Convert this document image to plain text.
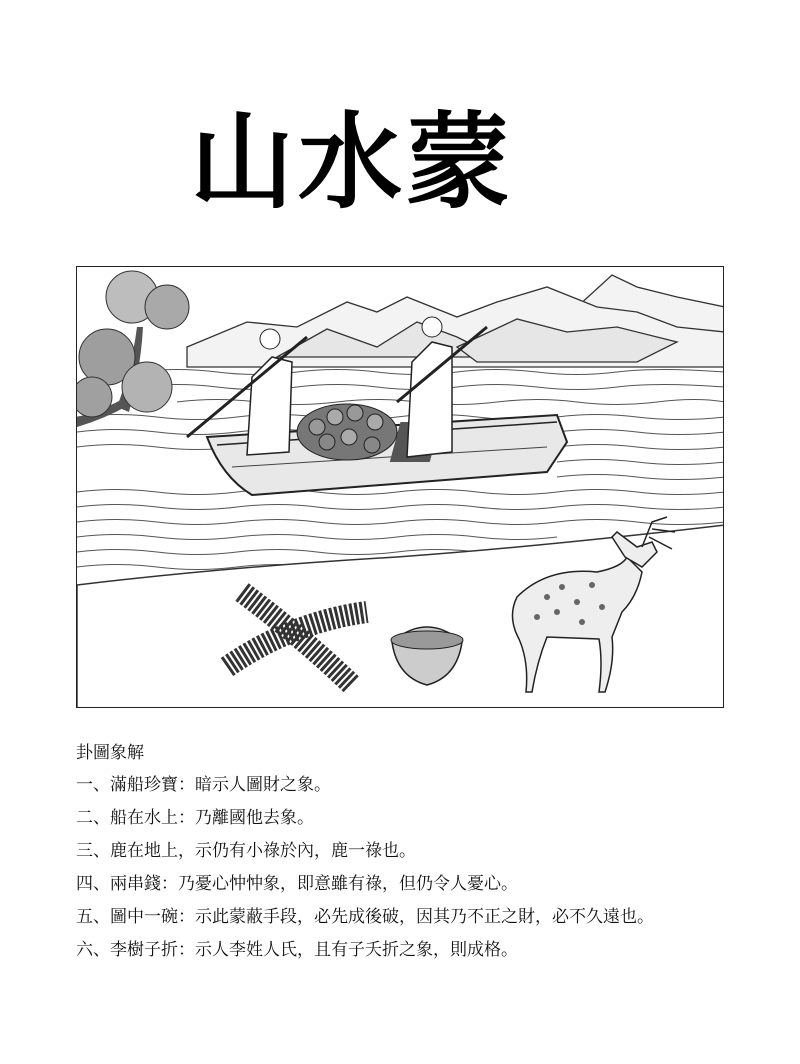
山水蒙
卦圖象解
一、滿船珍寶：暗示人圖財之象。
二、船在水上：乃離國他去象。
三、鹿在地上，示仍有小祿於內，鹿一祿也。
四、兩串錢：乃憂心忡忡象，即意雖有祿，但仍令人憂心。
五、圖中一碗：示此蒙蔽手段，必先成後破，因其乃不正之財，必不久遠也。
六、李樹子折：示人李姓人氏，且有子夭折之象，則成格。
